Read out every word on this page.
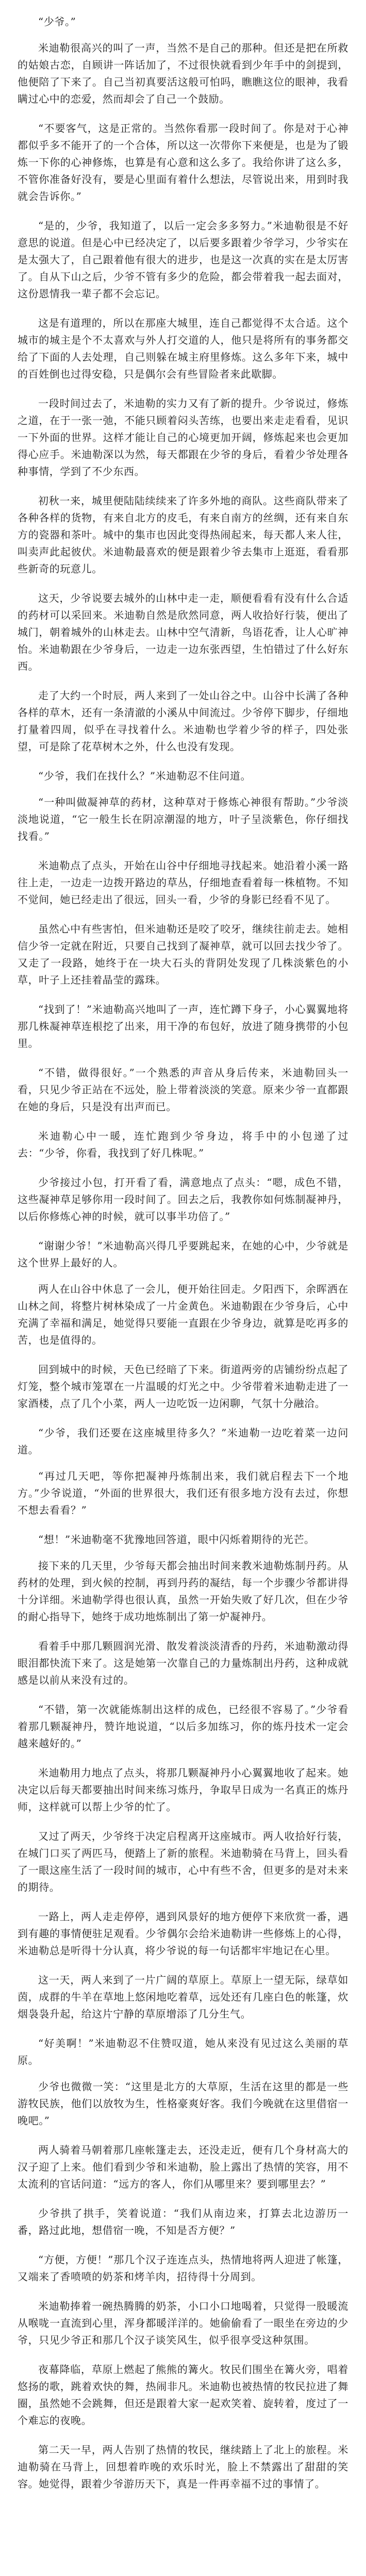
“少爷。”

米迪勒很高兴的叫了一声，当然不是自己的那种。但还是把在所救的姑娘古恋，自顾讲一阵话加了，不过很快就看到少年手中的剑提到，他便陪了下来了。自己当初真要活这般可怕吗，瞧瞧这位的眼神，我看瞒过心中的恋爱，然而却会了自己一个鼓励。

“不要客气，这是正常的。当然你看那一段时间了。你是对于心神都似乎多不能开了的一个合体，所以这一次带你下来便是，也是为了锻炼一下你的心神修炼，也算是有心意和这么多了。我给你讲了这么多，不管你准备好没有，要是心里面有着什么想法，尽管说出来，用到时我就会告诉你。”

“是的，少爷，我知道了，以后一定会多多努力。”米迪勒很是不好意思的说道。但是心中已经决定了，以后要多跟着少爷学习，少爷实在是太强大了，自己跟着他有很大的进步，也是这一次真的实在是太厉害了。自从下山之后，少爷不管有多少的危险，都会带着我一起去面对，这份恩情我一辈子都不会忘记。

这是有道理的，所以在那座大城里，连自己都觉得不太合适。这个城市的城主是个不太喜欢与外人打交道的人，他只是将所有的事务都交给了下面的人去处理，自己则躲在城主府里修炼。这么多年下来，城中的百姓倒也过得安稳，只是偶尔会有些冒险者来此歇脚。

一段时间过去了，米迪勒的实力又有了新的提升。少爷说过，修炼之道，在于一张一弛，不能只顾着闷头苦练，也要出来走走看看，见识一下外面的世界。这样才能让自己的心境更加开阔，修炼起来也会更加得心应手。米迪勒深以为然，每天都跟在少爷的身后，看着少爷处理各种事情，学到了不少东西。

初秋一来，城里便陆陆续续来了许多外地的商队。这些商队带来了各种各样的货物，有来自北方的皮毛，有来自南方的丝绸，还有来自东方的瓷器和茶叶。城中的集市也因此变得热闹起来，每天都人来人往，叫卖声此起彼伏。米迪勒最喜欢的便是跟着少爷去集市上逛逛，看看那些新奇的玩意儿。

这天，少爷说要去城外的山林中走一走，顺便看看有没有什么合适的药材可以采回来。米迪勒自然是欣然同意，两人收拾好行装，便出了城门，朝着城外的山林走去。山林中空气清新，鸟语花香，让人心旷神怡。米迪勒跟在少爷身后，一边走一边东张西望，生怕错过了什么好东西。

走了大约一个时辰，两人来到了一处山谷之中。山谷中长满了各种各样的草木，还有一条清澈的小溪从中间流过。少爷停下脚步，仔细地打量着四周，似乎在寻找着什么。米迪勒也学着少爷的样子，四处张望，可是除了花草树木之外，什么也没有发现。

“少爷，我们在找什么？”米迪勒忍不住问道。

“一种叫做凝神草的药材，这种草对于修炼心神很有帮助。”少爷淡淡地说道，“它一般生长在阴凉潮湿的地方，叶子呈淡紫色，你仔细找找看。”

米迪勒点了点头，开始在山谷中仔细地寻找起来。她沿着小溪一路往上走，一边走一边拨开路边的草丛，仔细地查看着每一株植物。不知不觉间，她已经走出了很远，回头一看，少爷的身影已经看不见了。

虽然心中有些害怕，但米迪勒还是咬了咬牙，继续往前走去。她相信少爷一定就在附近，只要自己找到了凝神草，就可以回去找少爷了。又走了一段路，她终于在一块大石头的背阴处发现了几株淡紫色的小草，叶子上还挂着晶莹的露珠。

“找到了！”米迪勒高兴地叫了一声，连忙蹲下身子，小心翼翼地将那几株凝神草连根挖了出来，用干净的布包好，放进了随身携带的小包里。

“不错，做得很好。”一个熟悉的声音从身后传来，米迪勒回头一看，只见少爷正站在不远处，脸上带着淡淡的笑意。原来少爷一直都跟在她的身后，只是没有出声而已。

米迪勒心中一暖，连忙跑到少爷身边，将手中的小包递了过去：“少爷，你看，我找到了好几株呢。”

少爷接过小包，打开看了看，满意地点了点头：“嗯，成色不错，这些凝神草足够你用一段时间了。回去之后，我教你如何炼制凝神丹，以后你修炼心神的时候，就可以事半功倍了。”

“谢谢少爷！”米迪勒高兴得几乎要跳起来，在她的心中，少爷就是这个世界上最好的人。

两人在山谷中休息了一会儿，便开始往回走。夕阳西下，余晖洒在山林之间，将整片树林染成了一片金黄色。米迪勒跟在少爷身后，心中充满了幸福和满足，她觉得只要能一直跟在少爷身边，就算是吃再多的苦，也是值得的。

回到城中的时候，天色已经暗了下来。街道两旁的店铺纷纷点起了灯笼，整个城市笼罩在一片温暖的灯光之中。少爷带着米迪勒走进了一家酒楼，点了几个小菜，两人一边吃饭一边闲聊，气氛十分融洽。

“少爷，我们还要在这座城里待多久？”米迪勒一边吃着菜一边问道。

“再过几天吧，等你把凝神丹炼制出来，我们就启程去下一个地方。”少爷说道，“外面的世界很大，我们还有很多地方没有去过，你想不想去看看？”

“想！”米迪勒毫不犹豫地回答道，眼中闪烁着期待的光芒。

接下来的几天里，少爷每天都会抽出时间来教米迪勒炼制丹药。从药材的处理，到火候的控制，再到丹药的凝结，每一个步骤少爷都讲得十分详细。米迪勒学得也很认真，虽然一开始失败了好几次，但在少爷的耐心指导下，她终于成功地炼制出了第一炉凝神丹。

看着手中那几颗圆润光滑、散发着淡淡清香的丹药，米迪勒激动得眼泪都快流下来了。这是她第一次靠自己的力量炼制出丹药，这种成就感是以前从来没有过的。

“不错，第一次就能炼制出这样的成色，已经很不容易了。”少爷看着那几颗凝神丹，赞许地说道，“以后多加练习，你的炼丹技术一定会越来越好的。”

米迪勒用力地点了点头，将那几颗凝神丹小心翼翼地收了起来。她决定以后每天都要抽出时间来练习炼丹，争取早日成为一名真正的炼丹师，这样就可以帮上少爷的忙了。

又过了两天，少爷终于决定启程离开这座城市。两人收拾好行装，在城门口买了两匹马，便踏上了新的旅程。米迪勒骑在马背上，回头看了一眼这座生活了一段时间的城市，心中有些不舍，但更多的是对未来的期待。

一路上，两人走走停停，遇到风景好的地方便停下来欣赏一番，遇到有趣的事情便驻足观看。少爷偶尔会给米迪勒讲一些修炼上的心得，米迪勒总是听得十分认真，将少爷说的每一句话都牢牢地记在心里。

这一天，两人来到了一片广阔的草原上。草原上一望无际，绿草如茵，成群的牛羊在草地上悠闲地吃着草，远处还有几座白色的帐篷，炊烟袅袅升起，给这片宁静的草原增添了几分生气。

“好美啊！”米迪勒忍不住赞叹道，她从来没有见过这么美丽的草原。

少爷也微微一笑：“这里是北方的大草原，生活在这里的都是一些游牧民族，他们以放牧为生，性格豪爽好客。我们今晚就在这里借宿一晚吧。”

两人骑着马朝着那几座帐篷走去，还没走近，便有几个身材高大的汉子迎了上来。他们看到少爷和米迪勒，脸上露出了热情的笑容，用不太流利的官话问道：“远方的客人，你们从哪里来？要到哪里去？”

少爷拱了拱手，笑着说道：“我们从南边来，打算去北边游历一番，路过此地，想借宿一晚，不知是否方便？”

“方便，方便！”那几个汉子连连点头，热情地将两人迎进了帐篷，又端来了香喷喷的奶茶和烤羊肉，招待得十分周到。

米迪勒捧着一碗热腾腾的奶茶，小口小口地喝着，只觉得一股暖流从喉咙一直流到心里，浑身都暖洋洋的。她偷偷看了一眼坐在旁边的少爷，只见少爷正和那几个汉子谈笑风生，似乎很享受这种氛围。

夜幕降临，草原上燃起了熊熊的篝火。牧民们围坐在篝火旁，唱着悠扬的歌，跳着欢快的舞，热闹非凡。米迪勒也被热情的牧民拉进了舞圈，虽然她不会跳舞，但还是跟着大家一起欢笑着、旋转着，度过了一个难忘的夜晚。

第二天一早，两人告别了热情的牧民，继续踏上了北上的旅程。米迪勒骑在马背上，回想着昨晚的欢乐时光，脸上不禁露出了甜甜的笑容。她觉得，跟着少爷游历天下，真是一件再幸福不过的事情了。
